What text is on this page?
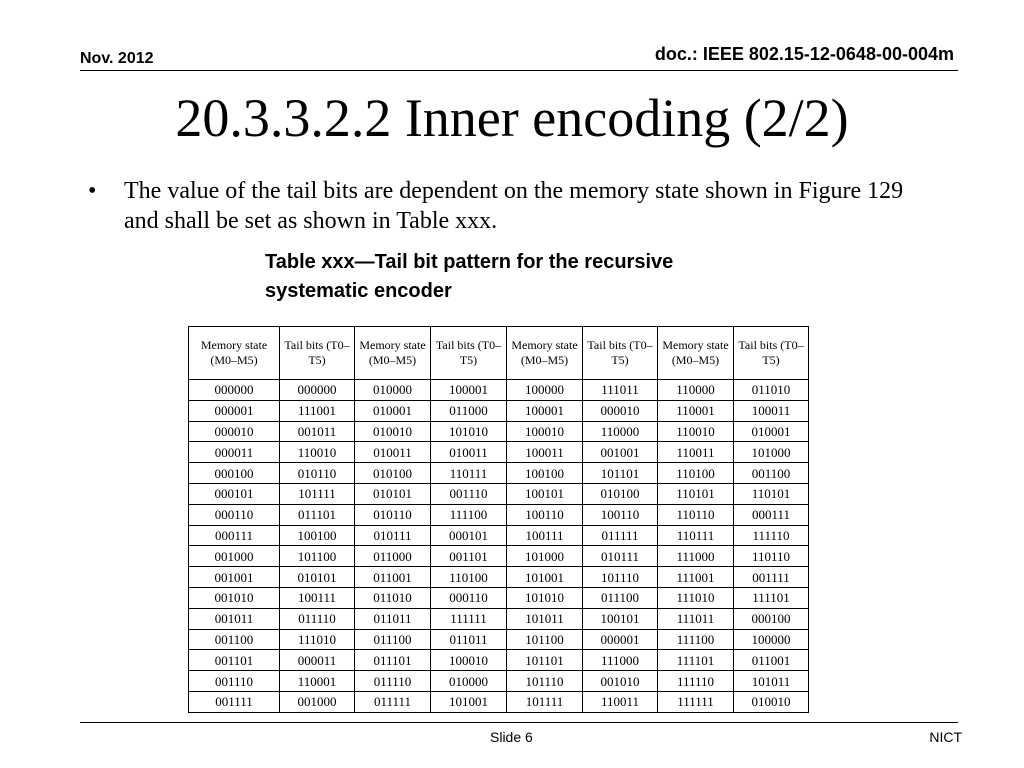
Nov. 2012	doc.: IEEE 802.15-12-0648-00-004m
20.3.3.2.2 Inner encoding (2/2)
• The value of the tail bits are dependent on the memory state shown in Figure 129 and shall be set as shown in Table xxx.
Table xxx—Tail bit pattern for the recursive systematic encoder
Memory state (M0–M5)	Tail bits (T0–T5)	Memory state (M0–M5)	Tail bits (T0–T5)	Memory state (M0–M5)	Tail bits (T0–T5)	Memory state (M0–M5)	Tail bits (T0–T5)
000000	000000	010000	100001	100000	111011	110000	011010
000001	111001	010001	011000	100001	000010	110001	100011
000010	001011	010010	101010	100010	110000	110010	010001
000011	110010	010011	010011	100011	001001	110011	101000
000100	010110	010100	110111	100100	101101	110100	001100
000101	101111	010101	001110	100101	010100	110101	110101
000110	011101	010110	111100	100110	100110	110110	000111
000111	100100	010111	000101	100111	011111	110111	111110
001000	101100	011000	001101	101000	010111	111000	110110
001001	010101	011001	110100	101001	101110	111001	001111
001010	100111	011010	000110	101010	011100	111010	111101
001011	011110	011011	111111	101011	100101	111011	000100
001100	111010	011100	011011	101100	000001	111100	100000
001101	000011	011101	100010	101101	111000	111101	011001
001110	110001	011110	010000	101110	001010	111110	101011
001111	001000	011111	101001	101111	110011	111111	010010
Slide 6	NICT
